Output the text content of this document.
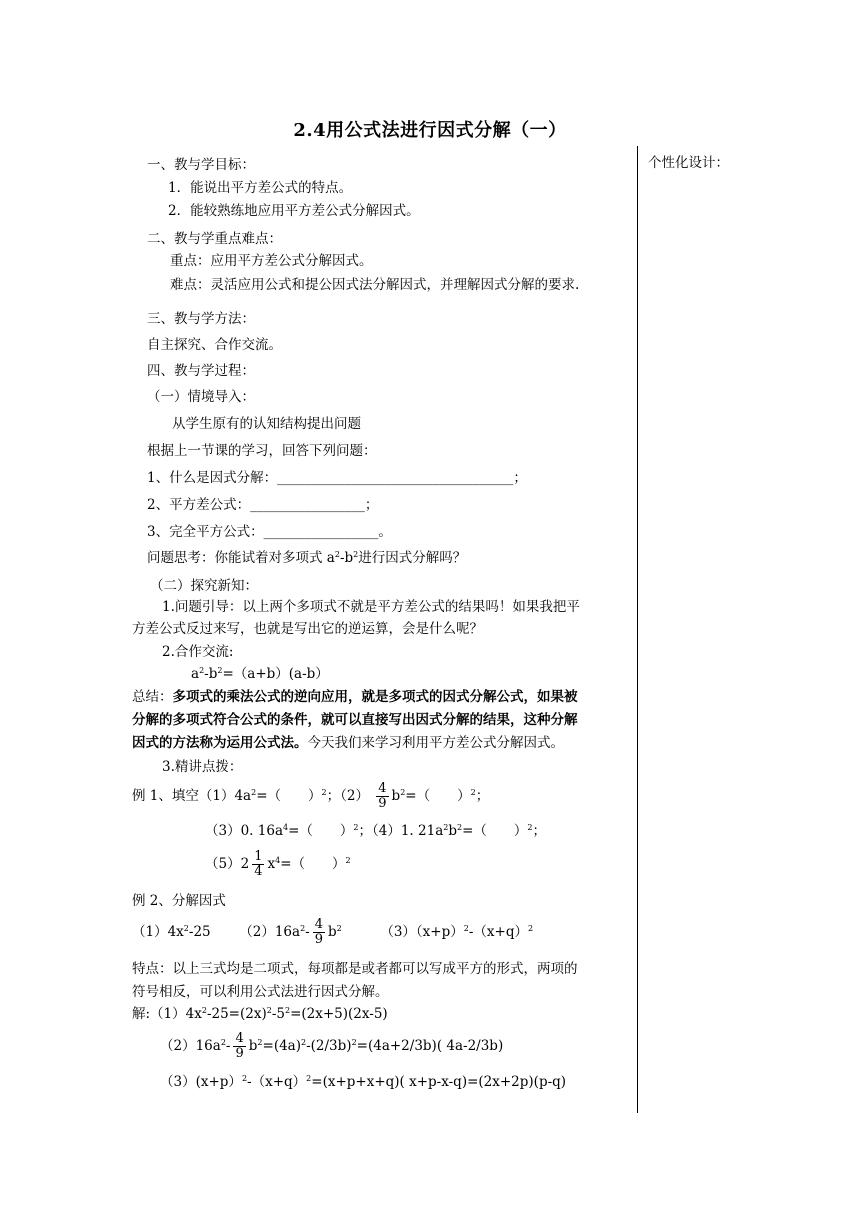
2.4用公式法进行因式分解（一）
个性化设计：
一、教与学目标：
1．能说出平方差公式的特点。
2．能较熟练地应用平方差公式分解因式。
二、教与学重点难点：
重点：应用平方差公式分解因式。
难点：灵活应用公式和提公因式法分解因式，并理解因式分解的要求.
三、教与学方法：
自主探究、合作交流。
四、教与学过程：
（一）情境导入：
从学生原有的认知结构提出问题
根据上一节课的学习，回答下列问题：
1、什么是因式分解：___________________________________；
2、平方差公式：_________________；
3、完全平方公式：_________________。
问题思考：你能试着对多项式 $a^2-b^2$进行因式分解吗？
（二）探究新知：
1.问题引导：以上两个多项式不就是平方差公式的结果吗！如果我把平
方差公式反过来写，也就是写出它的逆运算，会是什么呢？
2.合作交流:
$a^2-b^2=(a+b)(a-b)$
总结：多项式的乘法公式的逆向应用，就是多项式的因式分解公式，如果被
分解的多项式符合公式的条件，就可以直接写出因式分解的结果，这种分解
因式的方法称为运用公式法。今天我们来学习利用平方差公式分解因式。
3.精讲点拨：
例 1、填空$(1)4a^2=$（　　）$^2$；$(2) \frac{4}{9} b^2=$（　　）$^2$；
（3）0. $16a^4=$（　　）$^2$；（4）1. $21a^2b^2=$（　　）$^2$；
$(5)2 \frac{1}{4} x^4=$（　　）$^2$
例 2、分解因式
$(1)4x^2-25$ $(2)16a^2- \frac{4}{9} b^2$	$(3)(x+p)^2-(x+q)^2$
特点：以上三式均是二项式，每项都是或者都可以写成平方的形式，两项的
符号相反，可以利用公式法进行因式分解。
解$:(1)4x^2-25=(2x)^2-5^2=(2x+5)(2x-5)$
$(2)16a^2- \frac{4}{9} b^2=(4a)^2-(2/3b)^2=(4a+2/3b)$( 4a-2/3b)
$(3)(x+p)^2-(x+q)^2=(x+p+x+q)$( x+p-x-q)=(2x+2p)(p-q)
